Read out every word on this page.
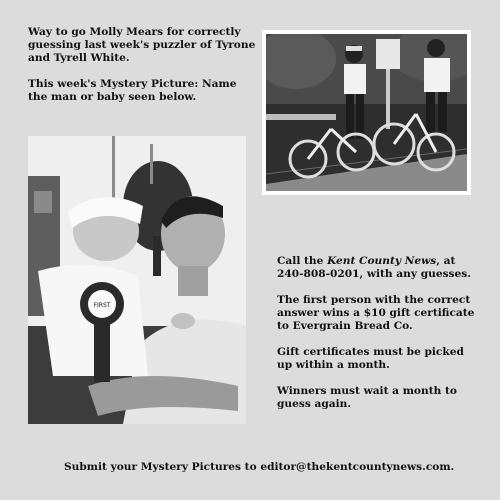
Way to go Molly Mears for correctly guessing last week's puzzler of Tyrone and Tyrell White.

This week's Mystery Picture: Name the man or baby seen below.

FIRST

Call the Kent County News, at 240-808-0201, with any guesses.

The first person with the correct answer wins a $10 gift certificate to Evergrain Bread Co.

Gift certificates must be picked up within a month.

Winners must wait a month to guess again.

Submit your Mystery Pictures to editor@thekentcountynews.com.
